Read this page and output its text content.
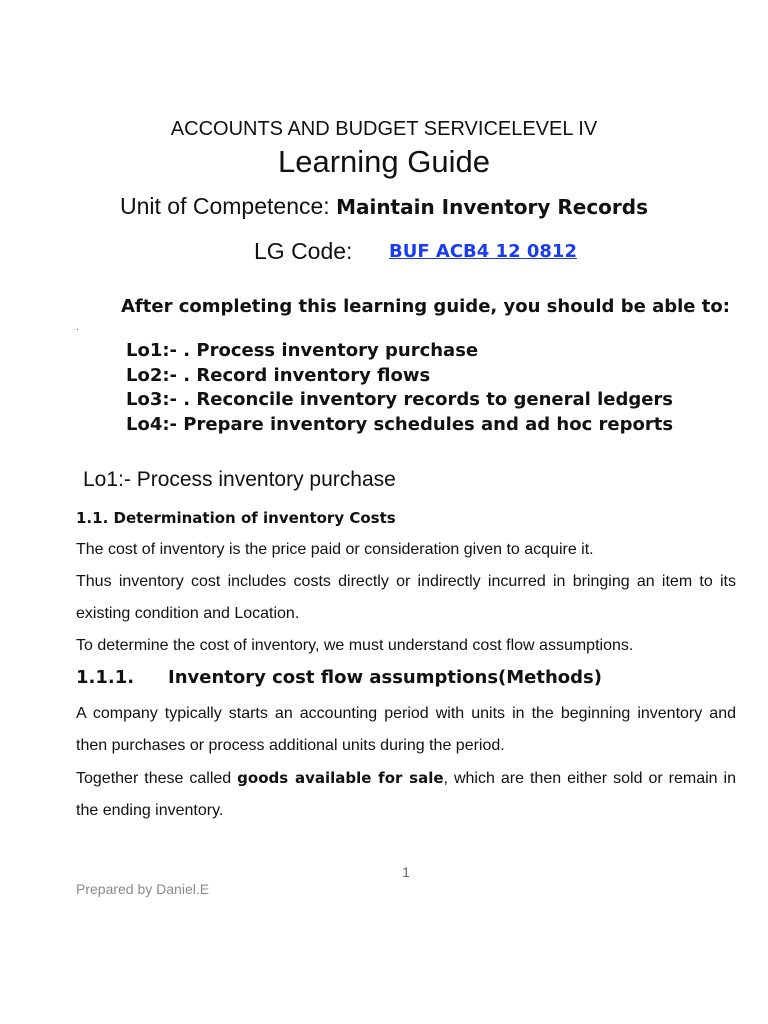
ACCOUNTS AND BUDGET SERVICELEVEL IV
Learning Guide
Unit of Competence: Maintain Inventory Records
LG Code: BUF ACB4 12 0812
After completing this learning guide, you should be able to:
.
Lo1:- . Process inventory purchase
Lo2:- . Record inventory flows
Lo3:- . Reconcile inventory records to general ledgers
Lo4:- Prepare inventory schedules and ad hoc reports
Lo1:- Process inventory purchase
1.1. Determination of inventory Costs

The cost of inventory is the price paid or consideration given to acquire it.

Thus inventory cost includes costs directly or indirectly incurred in bringing an item to its existing condition and Location.

To determine the cost of inventory, we must understand cost flow assumptions.

1.1.1. Inventory cost flow assumptions(Methods)

A company typically starts an accounting period with units in the beginning inventory and then purchases or process additional units during the period.

Together these called goods available for sale, which are then either sold or remain in the ending inventory.

1
Prepared by Daniel.E
